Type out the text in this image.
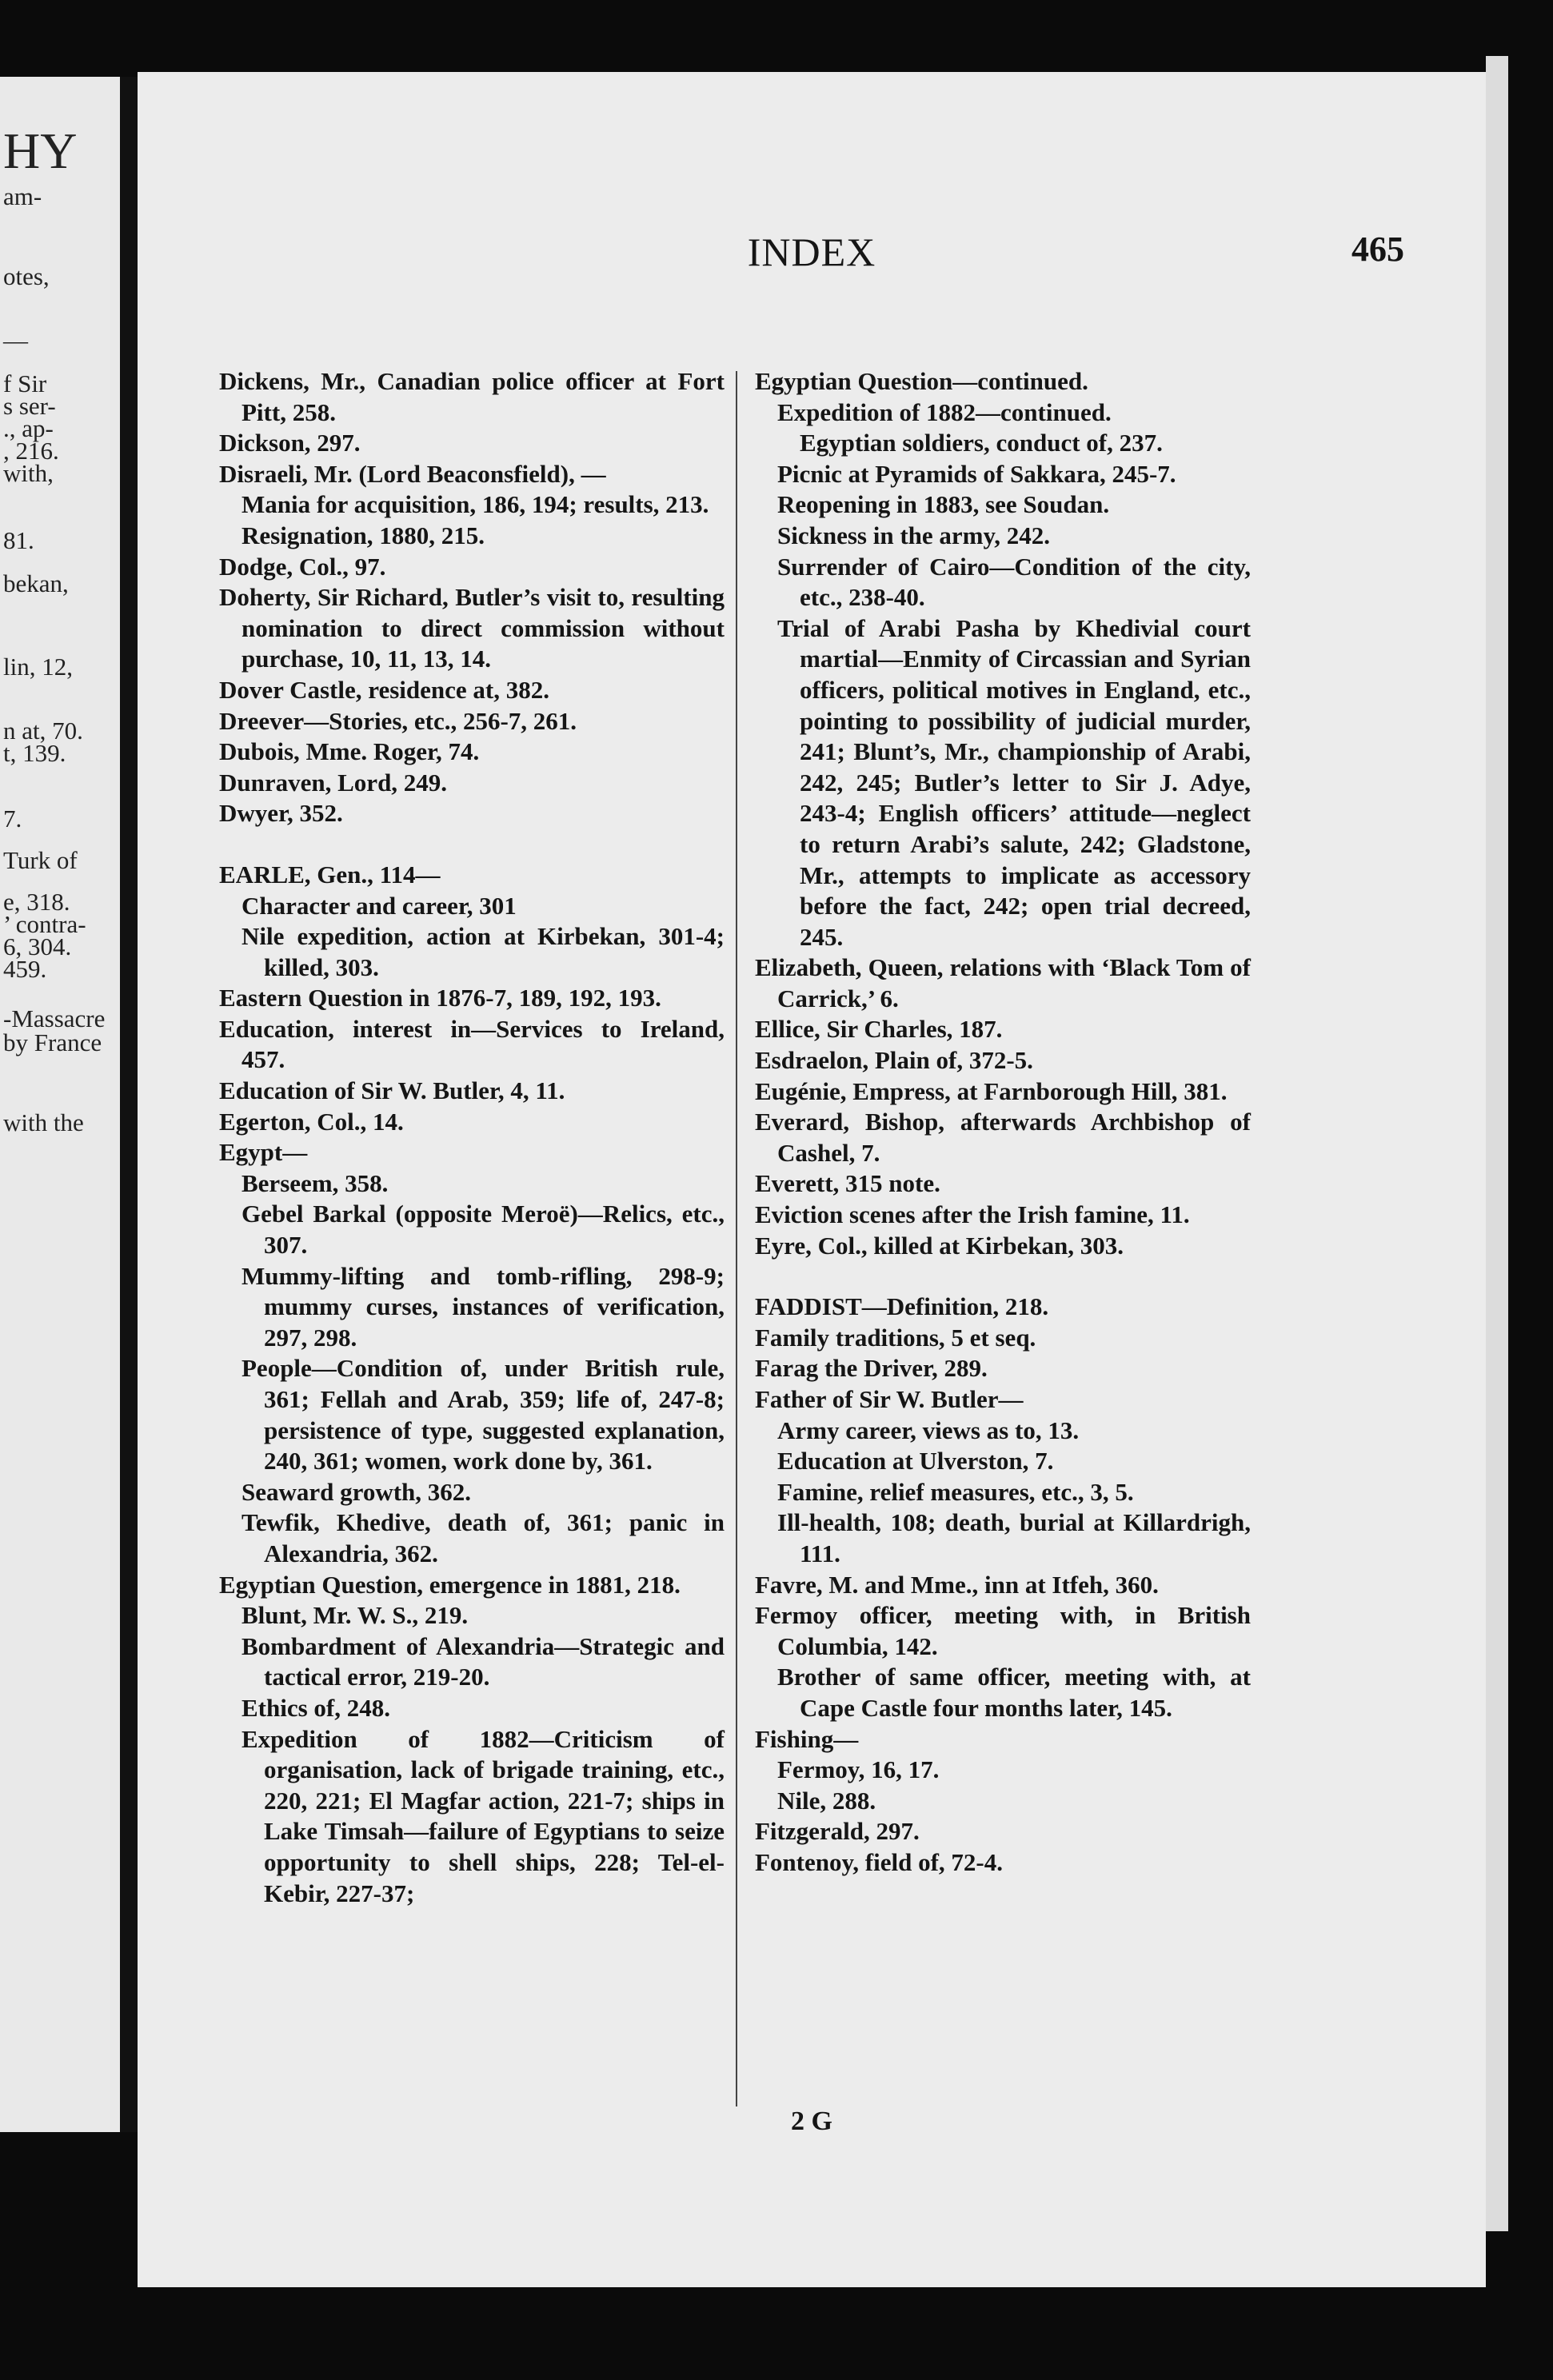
HY
am-
otes,
—
f Sir
s ser-
., ap-
, 216.
with,
81.
bekan,
lin, 12,
n at, 70.
t, 139.
7.
Turk of
e, 318.
’ contra-
6, 304.
459.
-Massacre
by France
with the
INDEX	465
Dickens, Mr., Canadian police officer at Fort Pitt, 258.
Dickson, 297.
Disraeli, Mr. (Lord Beaconsfield), —
Mania for acquisition, 186, 194; results, 213.
Resignation, 1880, 215.
Dodge, Col., 97.
Doherty, Sir Richard, Butler’s visit to, resulting nomination to direct commission without purchase, 10, 11, 13, 14.
Dover Castle, residence at, 382.
Dreever—Stories, etc., 256-7, 261.
Dubois, Mme. Roger, 74.
Dunraven, Lord, 249.
Dwyer, 352.
EARLE, Gen., 114—
Character and career, 301
Nile expedition, action at Kirbekan, 301-4; killed, 303.
Eastern Question in 1876-7, 189, 192, 193.
Education, interest in—Services to Ireland, 457.
Education of Sir W. Butler, 4, 11.
Egerton, Col., 14.
Egypt—
Berseem, 358.
Gebel Barkal (opposite Meroë)—Relics, etc., 307.
Mummy-lifting and tomb-rifling, 298-9; mummy curses, instances of verification, 297, 298.
People—Condition of, under British rule, 361; Fellah and Arab, 359; life of, 247-8; persistence of type, suggested explanation, 240, 361; women, work done by, 361.
Seaward growth, 362.
Tewfik, Khedive, death of, 361; panic in Alexandria, 362.
Egyptian Question, emergence in 1881, 218.
Blunt, Mr. W. S., 219.
Bombardment of Alexandria—Strategic and tactical error, 219-20.
Ethics of, 248.
Expedition of 1882—Criticism of organisation, lack of brigade training, etc., 220, 221; El Magfar action, 221-7; ships in Lake Timsah—failure of Egyptians to seize opportunity to shell ships, 228; Tel-el-Kebir, 227-37;
Egyptian Question—continued.
Expedition of 1882—continued.
Egyptian soldiers, conduct of, 237.
Picnic at Pyramids of Sakkara, 245-7.
Reopening in 1883, see Soudan.
Sickness in the army, 242.
Surrender of Cairo—Condition of the city, etc., 238-40.
Trial of Arabi Pasha by Khedivial court martial—Enmity of Circassian and Syrian officers, political motives in England, etc., pointing to possibility of judicial murder, 241; Blunt’s, Mr., championship of Arabi, 242, 245; Butler’s letter to Sir J. Adye, 243-4; English officers’ attitude—neglect to return Arabi’s salute, 242; Gladstone, Mr., attempts to implicate as accessory before the fact, 242; open trial decreed, 245.
Elizabeth, Queen, relations with ‘Black Tom of Carrick,’ 6.
Ellice, Sir Charles, 187.
Esdraelon, Plain of, 372-5.
Eugénie, Empress, at Farnborough Hill, 381.
Everard, Bishop, afterwards Archbishop of Cashel, 7.
Everett, 315 note.
Eviction scenes after the Irish famine, 11.
Eyre, Col., killed at Kirbekan, 303.
FADDIST—Definition, 218.
Family traditions, 5 et seq.
Farag the Driver, 289.
Father of Sir W. Butler—
Army career, views as to, 13.
Education at Ulverston, 7.
Famine, relief measures, etc., 3, 5.
Ill-health, 108; death, burial at Killardrigh, 111.
Favre, M. and Mme., inn at Itfeh, 360.
Fermoy officer, meeting with, in British Columbia, 142.
Brother of same officer, meeting with, at Cape Castle four months later, 145.
Fishing—
Fermoy, 16, 17.
Nile, 288.
Fitzgerald, 297.
Fontenoy, field of, 72-4.
2 G
